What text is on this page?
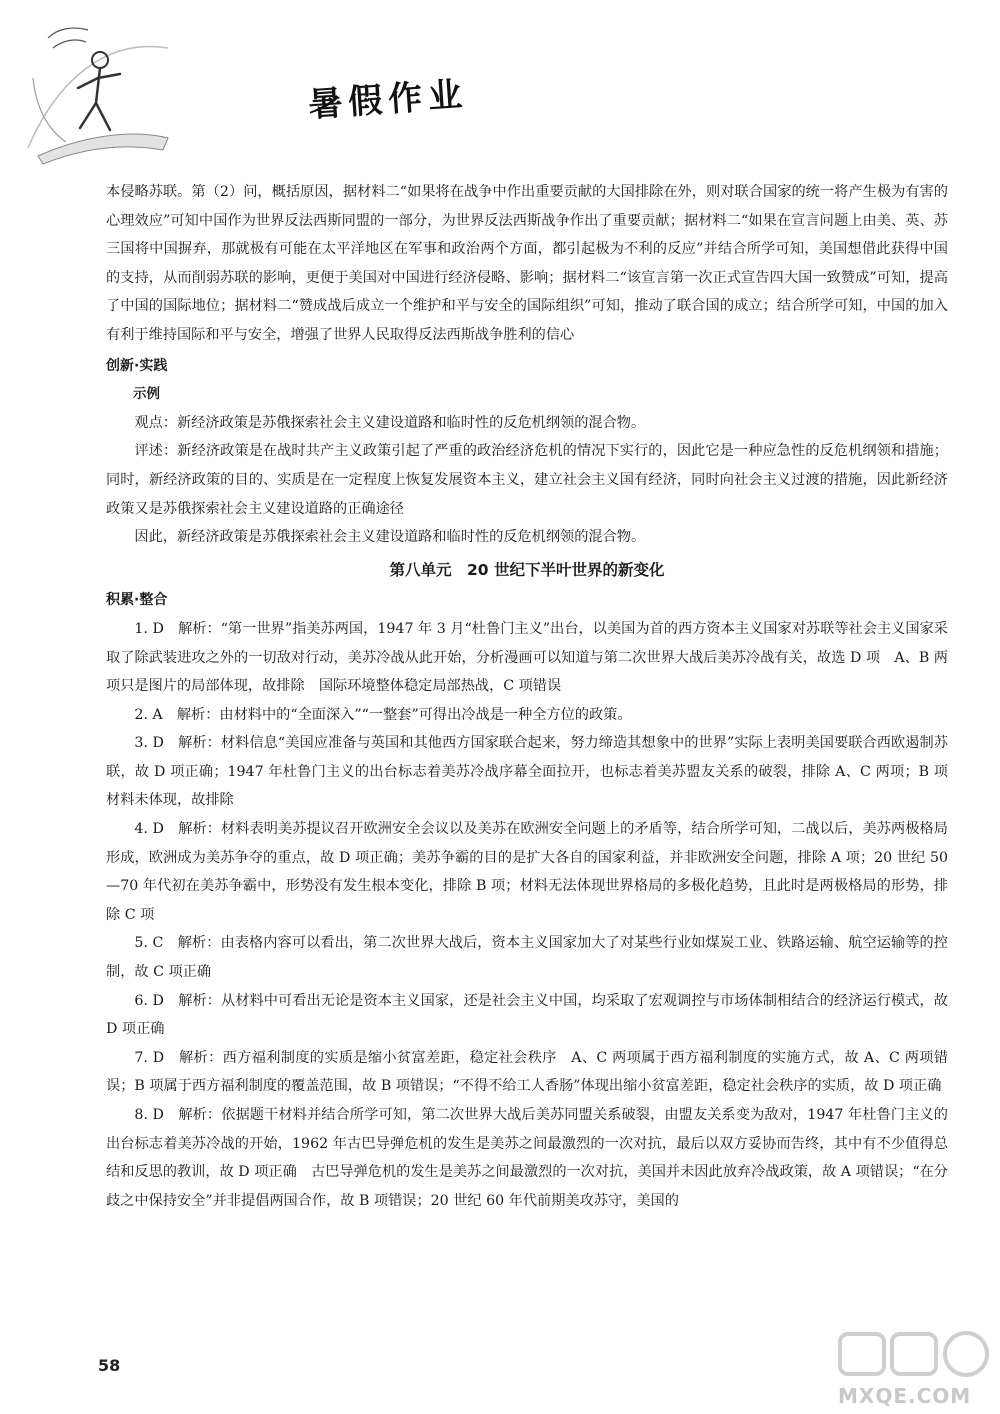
暑假作业

本侵略苏联。第（2）问，概括原因，据材料二“如果将在战争中作出重要贡献的大国排除在外，则对联合国家的统一将产生极为有害的心理效应”可知中国作为世界反法西斯同盟的一部分，为世界反法西斯战争作出了重要贡献；据材料二“如果在宣言问题上由美、英、苏三国将中国摒弃，那就极有可能在太平洋地区在军事和政治两个方面，都引起极为不利的反应”并结合所学可知，美国想借此获得中国的支持，从而削弱苏联的影响，更便于美国对中国进行经济侵略、影响；据材料二“该宣言第一次正式宣告四大国一致赞成”可知，提高了中国的国际地位；据材料二“赞成战后成立一个维护和平与安全的国际组织”可知，推动了联合国的成立；结合所学可知，中国的加入有利于维持国际和平与安全，增强了世界人民取得反法西斯战争胜利的信心

创新·实践

示例

观点：新经济政策是苏俄探索社会主义建设道路和临时性的反危机纲领的混合物。

评述：新经济政策是在战时共产主义政策引起了严重的政治经济危机的情况下实行的，因此它是一种应急性的反危机纲领和措施；同时，新经济政策的目的、实质是在一定程度上恢复发展资本主义，建立社会主义国有经济，同时向社会主义过渡的措施，因此新经济政策又是苏俄探索社会主义建设道路的正确途径

因此，新经济政策是苏俄探索社会主义建设道路和临时性的反危机纲领的混合物。

第八单元　20 世纪下半叶世界的新变化

积累·整合

1. D　解析：“第一世界”指美苏两国，1947 年 3 月“杜鲁门主义”出台，以美国为首的西方资本主义国家对苏联等社会主义国家采取了除武装进攻之外的一切敌对行动，美苏冷战从此开始，分析漫画可以知道与第二次世界大战后美苏冷战有关，故选 D 项　A、B 两项只是图片的局部体现，故排除　国际环境整体稳定局部热战，C 项错误

2. A　解析：由材料中的“全面深入”“一整套”可得出冷战是一种全方位的政策。

3. D　解析：材料信息“美国应准备与英国和其他西方国家联合起来，努力缔造其想象中的世界”实际上表明美国要联合西欧遏制苏联，故 D 项正确；1947 年杜鲁门主义的出台标志着美苏冷战序幕全面拉开，也标志着美苏盟友关系的破裂，排除 A、C 两项；B 项材料未体现，故排除

4. D　解析：材料表明美苏提议召开欧洲安全会议以及美苏在欧洲安全问题上的矛盾等，结合所学可知，二战以后，美苏两极格局形成，欧洲成为美苏争夺的重点，故 D 项正确；美苏争霸的目的是扩大各自的国家利益，并非欧洲安全问题，排除 A 项；20 世纪 50—70 年代初在美苏争霸中，形势没有发生根本变化，排除 B 项；材料无法体现世界格局的多极化趋势，且此时是两极格局的形势，排除 C 项

5. C　解析：由表格内容可以看出，第二次世界大战后，资本主义国家加大了对某些行业如煤炭工业、铁路运输、航空运输等的控制，故 C 项正确

6. D　解析：从材料中可看出无论是资本主义国家，还是社会主义中国，均采取了宏观调控与市场体制相结合的经济运行模式，故 D 项正确

7. D　解析：西方福利制度的实质是缩小贫富差距，稳定社会秩序　A、C 两项属于西方福利制度的实施方式，故 A、C 两项错误；B 项属于西方福利制度的覆盖范围，故 B 项错误；“不得不给工人香肠”体现出缩小贫富差距，稳定社会秩序的实质，故 D 项正确

8. D　解析：依据题干材料并结合所学可知，第二次世界大战后美苏同盟关系破裂，由盟友关系变为敌对，1947 年杜鲁门主义的出台标志着美苏冷战的开始，1962 年古巴导弹危机的发生是美苏之间最激烈的一次对抗，最后以双方妥协而告终，其中有不少值得总结和反思的教训，故 D 项正确　古巴导弹危机的发生是美苏之间最激烈的一次对抗，美国并未因此放弃冷战政策，故 A 项错误；“在分歧之中保持安全”并非提倡两国合作，故 B 项错误；20 世纪 60 年代前期美攻苏守，美国的

58
MXQE.COM
